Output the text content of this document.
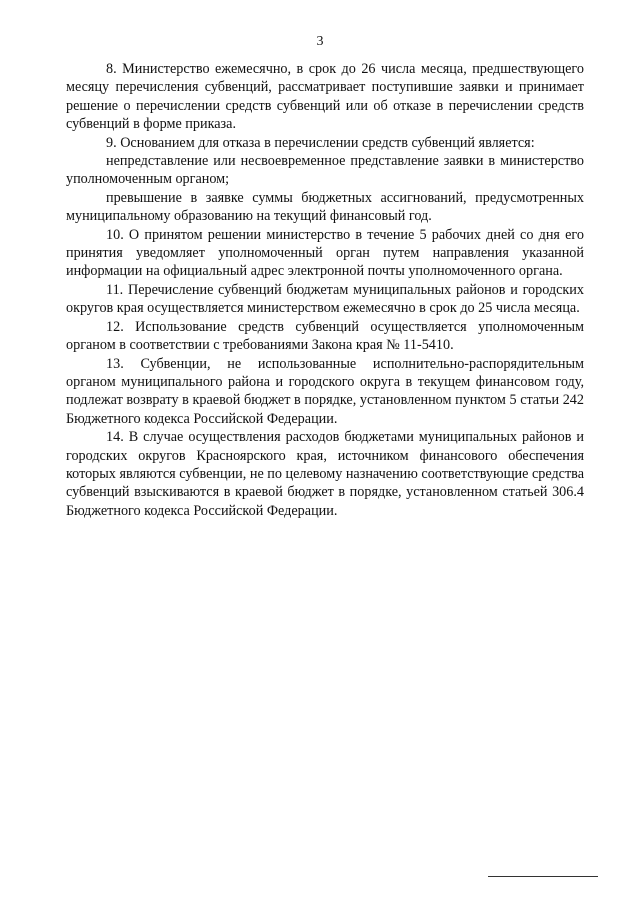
3

8. Министерство ежемесячно, в срок до 26 числа месяца, предшествующего месяцу перечисления субвенций, рассматривает поступившие заявки и принимает решение о перечислении средств субвенций или об отказе в перечислении средств субвенций в форме приказа.

9. Основанием для отказа в перечислении средств субвенций является:

непредставление или несвоевременное представление заявки в министерство уполномоченным органом;

превышение в заявке суммы бюджетных ассигнований, предусмотренных муниципальному образованию на текущий финансовый год.

10. О принятом решении министерство в течение 5 рабочих дней со дня его принятия уведомляет уполномоченный орган путем направления указанной информации на официальный адрес электронной почты уполномоченного органа.

11. Перечисление субвенций бюджетам муниципальных районов и городских округов края осуществляется министерством ежемесячно в срок до 25 числа месяца.

12. Использование средств субвенций осуществляется уполномоченным органом в соответствии с требованиями Закона края № 11-5410.

13. Субвенции, не использованные исполнительно-распорядительным органом муниципального района и городского округа в текущем финансовом году, подлежат возврату в краевой бюджет в порядке, установленном пунктом 5 статьи 242 Бюджетного кодекса Российской Федерации.

14. В случае осуществления расходов бюджетами муниципальных районов и городских округов Красноярского края, источником финансового обеспечения которых являются субвенции, не по целевому назначению соответствующие средства субвенций взыскиваются в краевой бюджет в порядке, установленном статьей 306.4 Бюджетного кодекса Российской Федерации.
